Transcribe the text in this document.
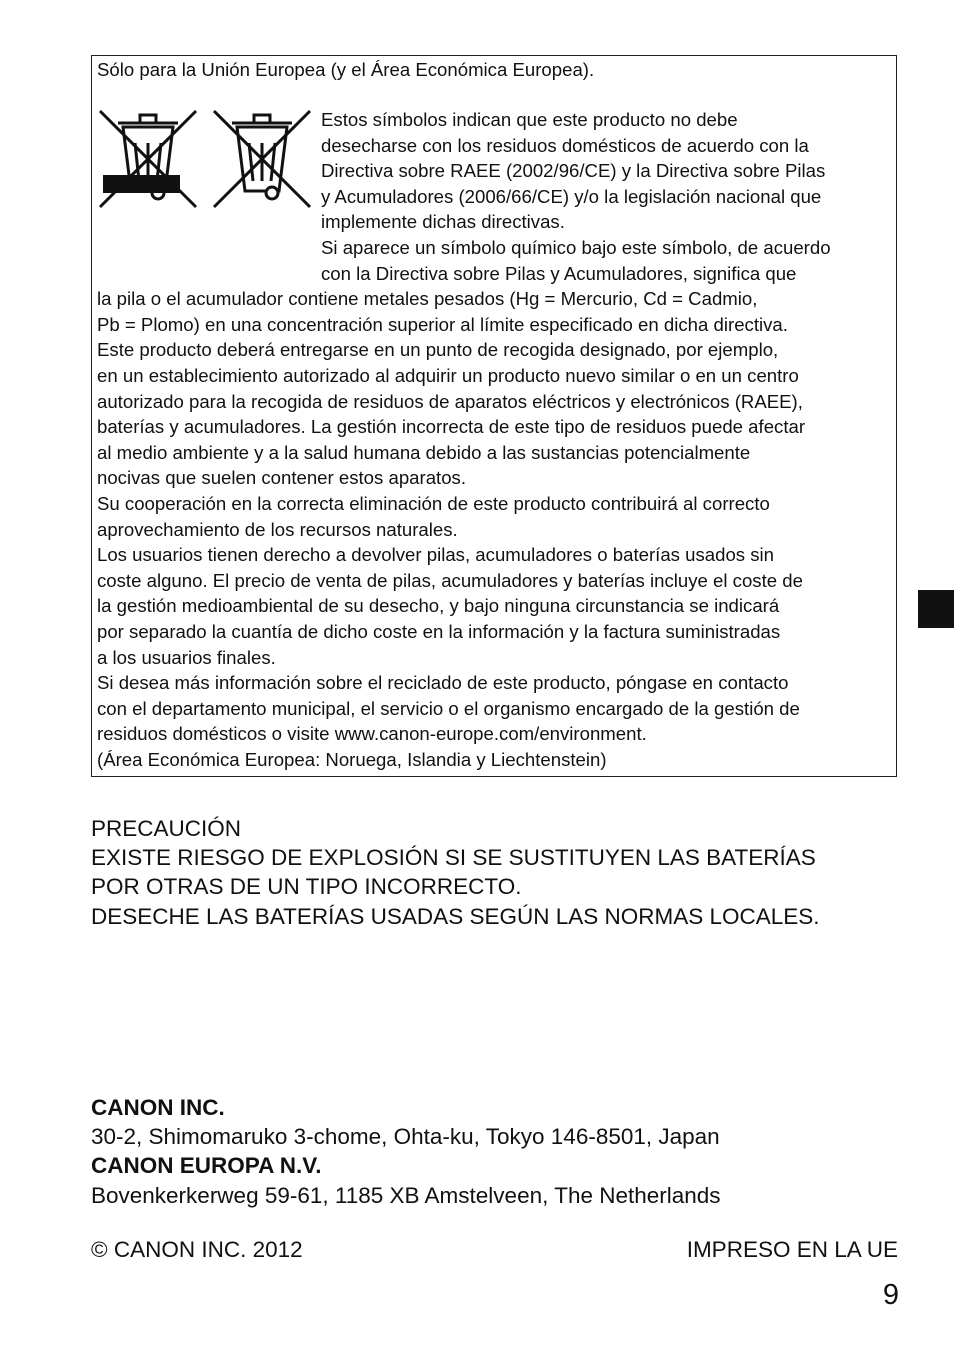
Sólo para la Unión Europea (y el Área Económica Europea).
Estos símbolos indican que este producto no debe
desecharse con los residuos domésticos de acuerdo con la
Directiva sobre RAEE (2002/96/CE) y la Directiva sobre Pilas
y Acumuladores (2006/66/CE) y/o la legislación nacional que
implemente dichas directivas.
Si aparece un símbolo químico bajo este símbolo, de acuerdo
con la Directiva sobre Pilas y Acumuladores, significa que
la pila o el acumulador contiene metales pesados (Hg = Mercurio, Cd = Cadmio,
Pb = Plomo) en una concentración superior al límite especificado en dicha directiva.
Este producto deberá entregarse en un punto de recogida designado, por ejemplo,
en un establecimiento autorizado al adquirir un producto nuevo similar o en un centro
autorizado para la recogida de residuos de aparatos eléctricos y electrónicos (RAEE),
baterías y acumuladores. La gestión incorrecta de este tipo de residuos puede afectar
al medio ambiente y a la salud humana debido a las sustancias potencialmente
nocivas que suelen contener estos aparatos.
Su cooperación en la correcta eliminación de este producto contribuirá al correcto
aprovechamiento de los recursos naturales.
Los usuarios tienen derecho a devolver pilas, acumuladores o baterías usados sin
coste alguno. El precio de venta de pilas, acumuladores y baterías incluye el coste de
la gestión medioambiental de su desecho, y bajo ninguna circunstancia se indicará
por separado la cuantía de dicho coste en la información y la factura suministradas
a los usuarios finales.
Si desea más información sobre el reciclado de este producto, póngase en contacto
con el departamento municipal, el servicio o el organismo encargado de la gestión de
residuos domésticos o visite www.canon-europe.com/environment.
(Área Económica Europea: Noruega, Islandia y Liechtenstein)
PRECAUCIÓN
EXISTE RIESGO DE EXPLOSIÓN SI SE SUSTITUYEN LAS BATERÍAS
POR OTRAS DE UN TIPO INCORRECTO.
DESECHE LAS BATERÍAS USADAS SEGÚN LAS NORMAS LOCALES.
CANON INC.
30-2, Shimomaruko 3-chome, Ohta-ku, Tokyo 146-8501, Japan
CANON EUROPA N.V.
Bovenkerkerweg 59-61, 1185 XB Amstelveen, The Netherlands
© CANON INC. 2012	IMPRESO EN LA UE
9
